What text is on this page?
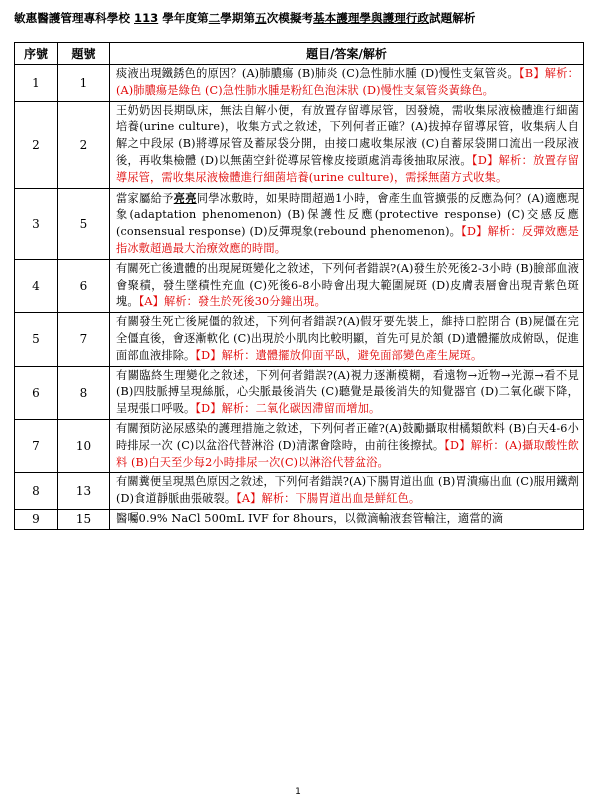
敏惠醫護管理專科學校 113 學年度第二學期第五次模擬考基本護理學與護理行政試題解析
序號	題號	題目/答案/解析
1	1	痰液出現鐵銹色的原因？(A)肺膿瘍 (B)肺炎 (C)急性肺水腫 (D)慢性支氣管炎。【B】解析：(A)肺膿瘍是綠色 (C)急性肺水腫是粉紅色泡沫狀 (D)慢性支氣管炎黃綠色。
2	2	王奶奶因長期臥床，無法自解小便，有放置存留導尿管，因發燒，需收集尿液檢體進行細菌培養(urine culture)，收集方式之敘述，下列何者正確？(A)拔掉存留導尿管，收集病人自解之中段尿 (B)將導尿管及蓄尿袋分開，由接口處收集尿液 (C)自蓄尿袋開口流出一段尿液後，再收集檢體 (D)以無菌空針從導尿管橡皮接頭處消毒後抽取尿液。【D】解析：放置存留導尿管，需收集尿液檢體進行細菌培養(urine culture)，需採無菌方式收集。
3	5	當家屬給予亮亮同學冰敷時，如果時間超過1小時，會產生血管擴張的反應為何？(A)適應現象(adaptation phenomenon) (B)保護性反應(protective response) (C)交感反應(consensual response) (D)反彈現象(rebound phenomenon)。【D】解析：反彈效應是指冰敷超過最大治療效應的時間。
4	6	有關死亡後遺體的出現屍斑變化之敘述，下列何者錯誤?(A)發生於死後2-3小時 (B)臉部血液會聚積，發生墜積性充血 (C)死後6-8小時會出現大範圍屍斑 (D)皮膚表層會出現青紫色斑塊。【A】解析：發生於死後30分鐘出現。
5	7	有關發生死亡後屍僵的敘述，下列何者錯誤?(A)假牙要先裝上，維持口腔閉合 (B)屍僵在完全僵直後，會逐漸軟化 (C)出現於小肌肉比較明顯，首先可見於頷 (D)遺體擺放成俯臥，促進面部血液排除。【D】解析：遺體擺放仰面平臥，避免面部變色產生屍斑。
6	8	有關臨終生理變化之敘述，下列何者錯誤?(A)視力逐漸模糊，看遠物→近物→光源→看不見 (B)四肢脈搏呈現絲脈，心尖脈最後消失 (C)聽覺是最後消失的知覺器官 (D)二氧化碳下降，呈現張口呼吸。【D】解析：二氧化碳因滯留而增加。
7	10	有關預防泌尿感染的護理措施之敘述，下列何者正確?(A)鼓勵攝取柑橘類飲料 (B)白天4-6小時排尿一次 (C)以盆浴代替淋浴 (D)清潔會陰時，由前往後擦拭。【D】解析：(A)攝取酸性飲料 (B)白天至少每2小時排尿一次(C)以淋浴代替盆浴。
8	13	有關糞便呈現黑色原因之敘述，下列何者錯誤?(A)下腸胃道出血 (B)胃潰瘍出血 (C)服用鐵劑 (D)食道靜脈曲張破裂。【A】解析：下腸胃道出血是鮮紅色。
9	15	醫囑0.9% NaCl 500mL IVF for 8hours，以微滴輸液套管輸注，適當的滴
1
